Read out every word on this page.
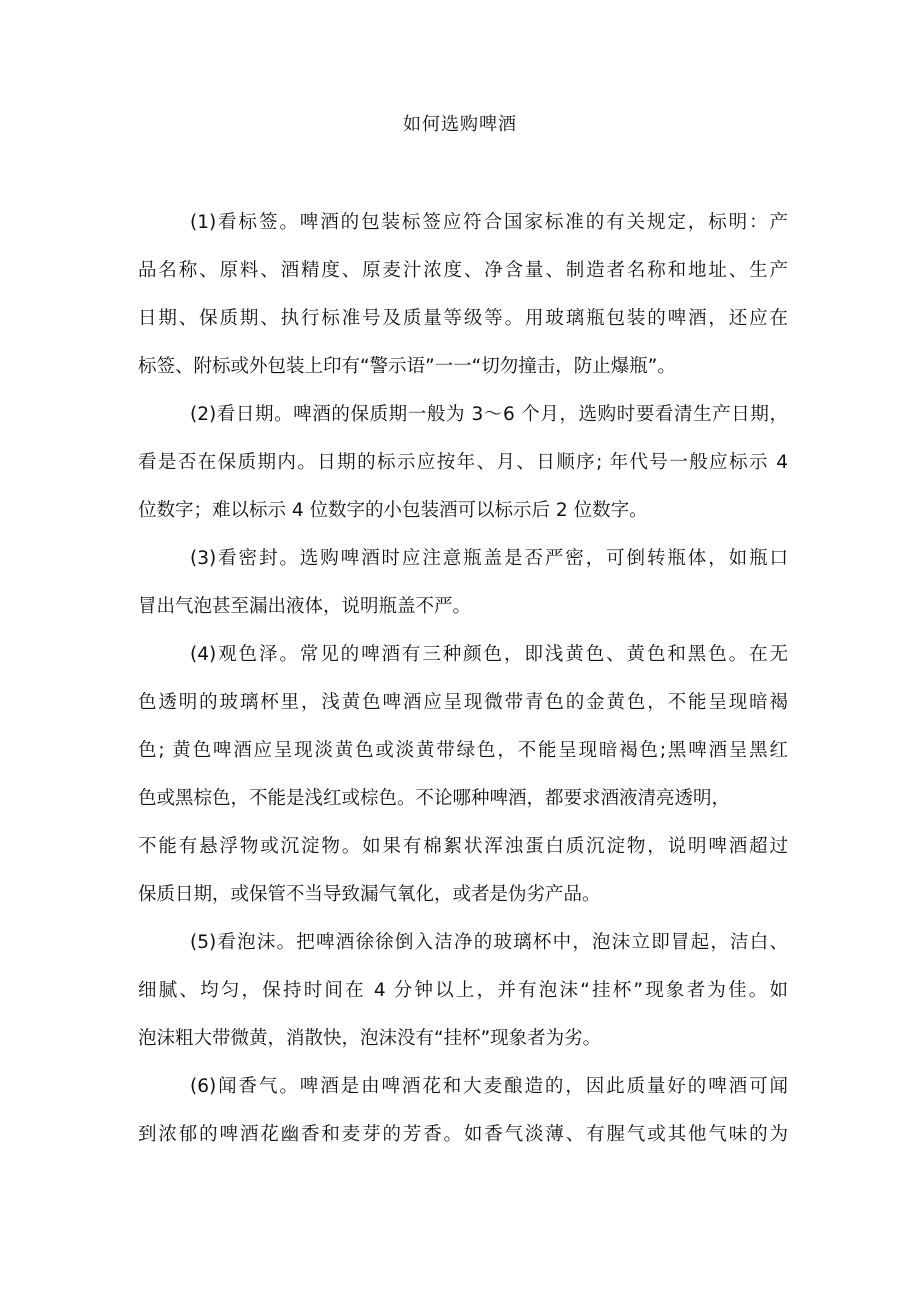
如何选购啤酒
(1)看标签。啤酒的包装标签应符合国家标准的有关规定，标明：产
品名称、原料、酒精度、原麦汁浓度、净含量、制造者名称和地址、生产
日期、保质期、执行标准号及质量等级等。用玻璃瓶包装的啤酒，还应在
标签、附标或外包装上印有“警示语”一一“切勿撞击，防止爆瓶”。
(2)看日期。啤酒的保质期一般为 3～6 个月，选购时要看清生产日期，
看是否在保质期内。日期的标示应按年、月、日顺序; 年代号一般应标示 4
位数字；难以标示 4 位数字的小包装酒可以标示后 2 位数字。
(3)看密封。选购啤酒时应注意瓶盖是否严密，可倒转瓶体，如瓶口
冒出气泡甚至漏出液体，说明瓶盖不严。
(4)观色泽。常见的啤酒有三种颜色，即浅黄色、黄色和黑色。在无
色透明的玻璃杯里，浅黄色啤酒应呈现微带青色的金黄色，不能呈现暗褐
色; 黄色啤酒应呈现淡黄色或淡黄带绿色，不能呈现暗褐色;黑啤酒呈黑红
色或黑棕色，不能是浅红或棕色。不论哪种啤酒，都要求酒液清亮透明，
不能有悬浮物或沉淀物。如果有棉絮状浑浊蛋白质沉淀物，说明啤酒超过
保质日期，或保管不当导致漏气氧化，或者是伪劣产品。
(5)看泡沫。把啤酒徐徐倒入洁净的玻璃杯中，泡沫立即冒起，洁白、
细腻、均匀，保持时间在 4 分钟以上，并有泡沫“挂杯”现象者为佳。如
泡沫粗大带微黄，消散快，泡沫没有“挂杯”现象者为劣。
(6)闻香气。啤酒是由啤酒花和大麦酿造的，因此质量好的啤酒可闻
到浓郁的啤酒花幽香和麦芽的芳香。如香气淡薄、有腥气或其他气味的为
